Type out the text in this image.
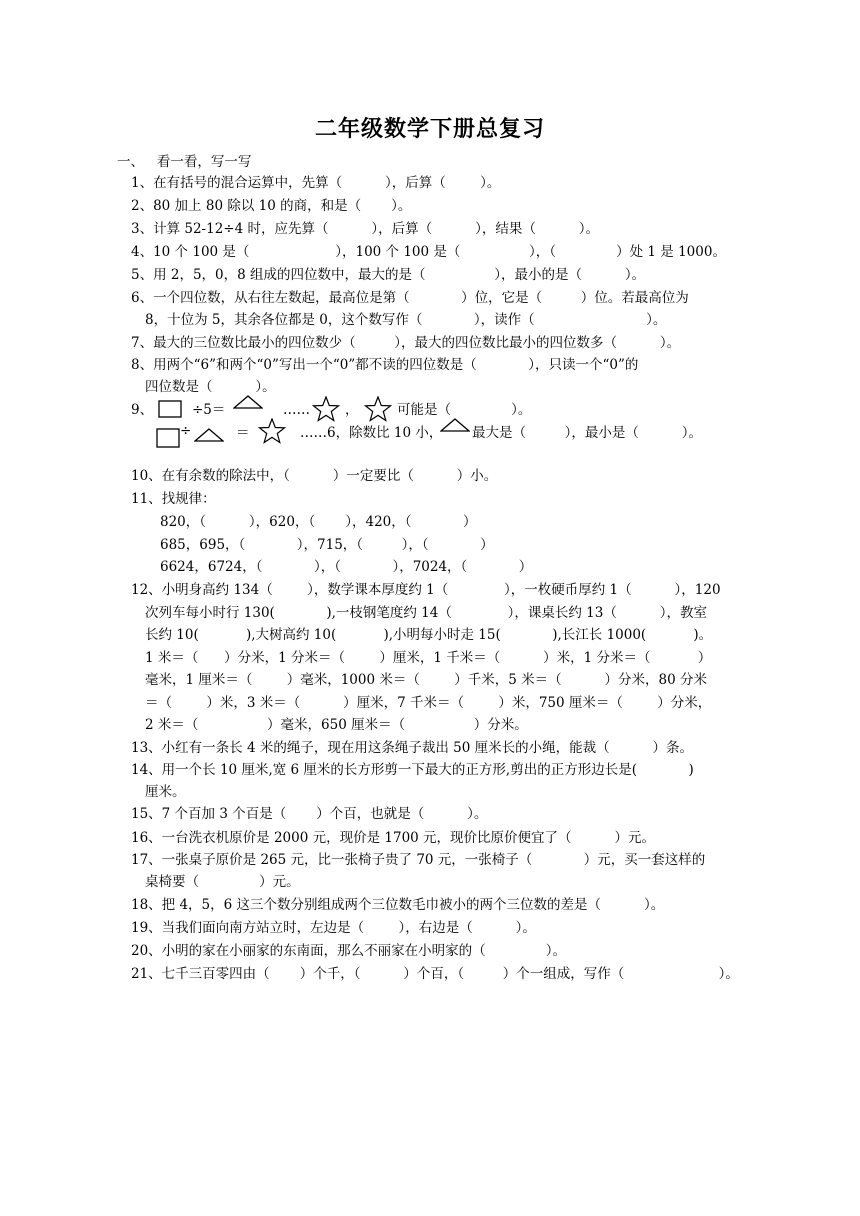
二年级数学下册总复习
一、   看一看，写一写
1、在有括号的混合运算中，先算（          ），后算（        ）。
2、80 加上 80 除以 10 的商，和是（       ）。
3、计算 52-12÷4 时，应先算（          ），后算（          ），结果（          ）。
4、10 个 100 是（                    ），100 个 100 是（                ），（              ）处 1 是 1000。
5、用 2，5，0，8 组成的四位数中，最大的是（                ），最小的是（          ）。
6、一个四位数，从右往左数起，最高位是第（            ）位，它是（         ）位。若最高位为
8，十位为 5，其余各位都是 0，这个数写作（            ），读作（                          ）。
7、最大的三位数比最小的四位数少（         ），最大的四位数比最小的四位数多（          ）。
8、用两个“6”和两个“0”写出一个“0”都不读的四位数是（            ），只读一个“0”的
四位数是（          ）。
9、	÷5＝	……	，	可能是（              ）。
÷	＝	……6，除数比 10 小， 最大是（         ），最小是（          ）。
10、在有余数的除法中，（          ）一定要比（          ）小。
11、找规律：
820，（          ），620，（       ），420，（            ）
685，695，（            ），715，（         ），（            ）
6624，6724，（            ），（            ），7024，（            ）
12、小明身高约 134（        ），数学课本厚度约 1（             ），一枚硬币厚约 1（          ），120
次列车每小时行 130(            ),一枝钢笔度约 14（             ），课桌长约 13（          ），教室
长约 10(           ),大树高约 10(           ),小明每小时走 15(            ),长江长 1000(           )。
1 米＝（      ）分米，1 分米＝（        ）厘米，1 千米＝（          ）米，1 分米＝（           ）
毫米，1 厘米＝（        ）毫米，1000 米＝（        ）千米，5 米＝（          ）分米，80 分米
＝（        ）米，3 米＝（          ）厘米，7 千米＝（        ）米，750 厘米＝（        ）分米，
2 米＝（                ）毫米，650 厘米＝（                ）分米。
13、小红有一条长 4 米的绳子，现在用这条绳子裁出 50 厘米长的小绳，能裁（          ）条。
14、用一个长 10 厘米,宽 6 厘米的长方形剪一下最大的正方形,剪出的正方形边长是(            )
厘米。
15、7 个百加 3 个百是（       ）个百，也就是（          ）。
16、一台洗衣机原价是 2000 元，现价是 1700 元，现价比原价便宜了（          ）元。
17、一张桌子原价是 265 元，比一张椅子贵了 70 元，一张椅子（            ）元，买一套这样的
桌椅要（              ）元。
18、把 4，5，6 这三个数分别组成两个三位数毛巾被小的两个三位数的差是（          ）。
19、当我们面向南方站立时，左边是（        ），右边是（          ）。
20、小明的家在小丽家的东南面，那么不丽家在小明家的（              ）。
21、七千三百零四由（       ）个千，（          ）个百，（         ）个一组成，写作（                      ）。
